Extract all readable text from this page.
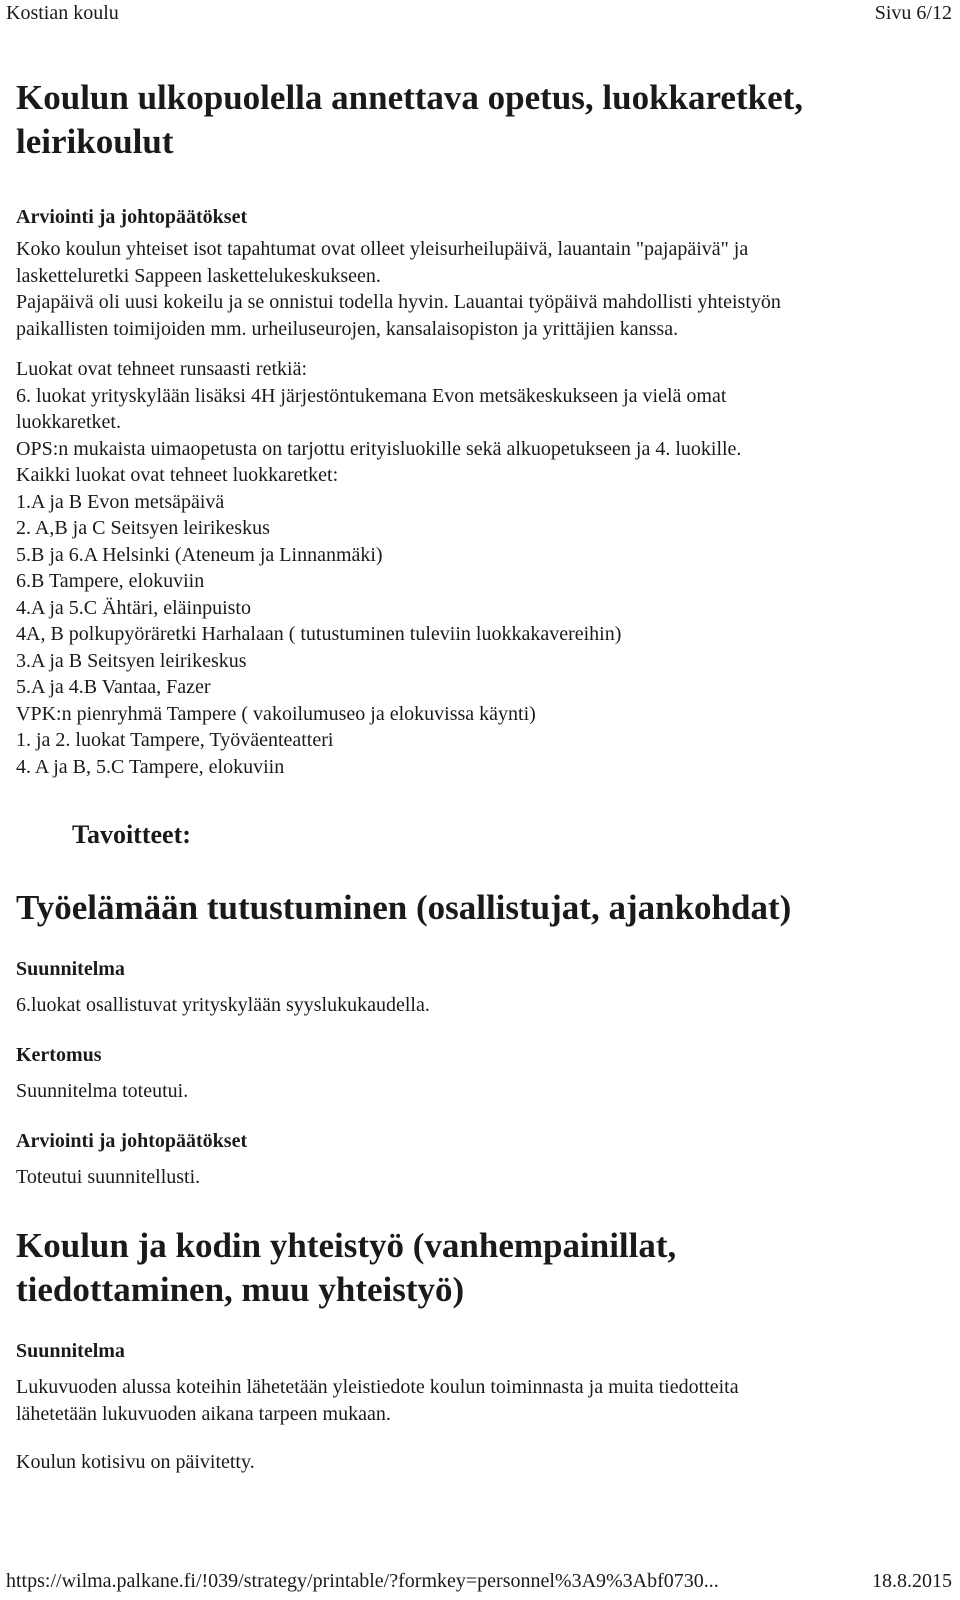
Kostian koulu	Sivu 6/12
Koulun ulkopuolella annettava opetus, luokkaretket, leirikoulut
Arviointi ja johtopäätökset
Koko koulun yhteiset isot tapahtumat ovat olleet yleisurheilupäivä, lauantain "pajapäivä" ja
lasketteluretki Sappeen laskettelukeskukseen.
Pajapäivä oli uusi kokeilu ja se onnistui todella hyvin. Lauantai työpäivä mahdollisti yhteistyön
paikallisten toimijoiden mm. urheiluseurojen, kansalaisopiston ja yrittäjien kanssa.
Luokat ovat tehneet runsaasti retkiä:
6. luokat yrityskylään lisäksi 4H järjestöntukemana Evon metsäkeskukseen ja vielä omat
luokkaretket.
OPS:n mukaista uimaopetusta on tarjottu erityisluokille sekä alkuopetukseen ja 4. luokille.
Kaikki luokat ovat tehneet luokkaretket:
1.A ja B Evon metsäpäivä
2. A,B ja C Seitsyen leirikeskus
5.B ja 6.A Helsinki (Ateneum ja Linnanmäki)
6.B Tampere, elokuviin
4.A ja 5.C Ähtäri, eläinpuisto
4A, B polkupyöräretki Harhalaan ( tutustuminen tuleviin luokkakavereihin)
3.A ja B Seitsyen leirikeskus
5.A ja 4.B Vantaa, Fazer
VPK:n pienryhmä Tampere ( vakoilumuseo ja elokuvissa käynti)
1. ja 2. luokat Tampere, Työväenteatteri
4. A ja B, 5.C Tampere, elokuviin
Tavoitteet:
Työelämään tutustuminen (osallistujat, ajankohdat)
Suunnitelma

6.luokat osallistuvat yrityskylään syyslukukaudella.

Kertomus

Suunnitelma toteutui.

Arviointi ja johtopäätökset

Toteutui suunnitellusti.

Koulun ja kodin yhteistyö (vanhempainillat, tiedottaminen, muu yhteistyö)
Suunnitelma
Lukuvuoden alussa koteihin lähetetään yleistiedote koulun toiminnasta ja muita tiedotteita
lähetetään lukuvuoden aikana tarpeen mukaan.

Koulun kotisivu on päivitetty.

https://wilma.palkane.fi/!039/strategy/printable/?formkey=personnel%3A9%3Abf0730...	18.8.2015
